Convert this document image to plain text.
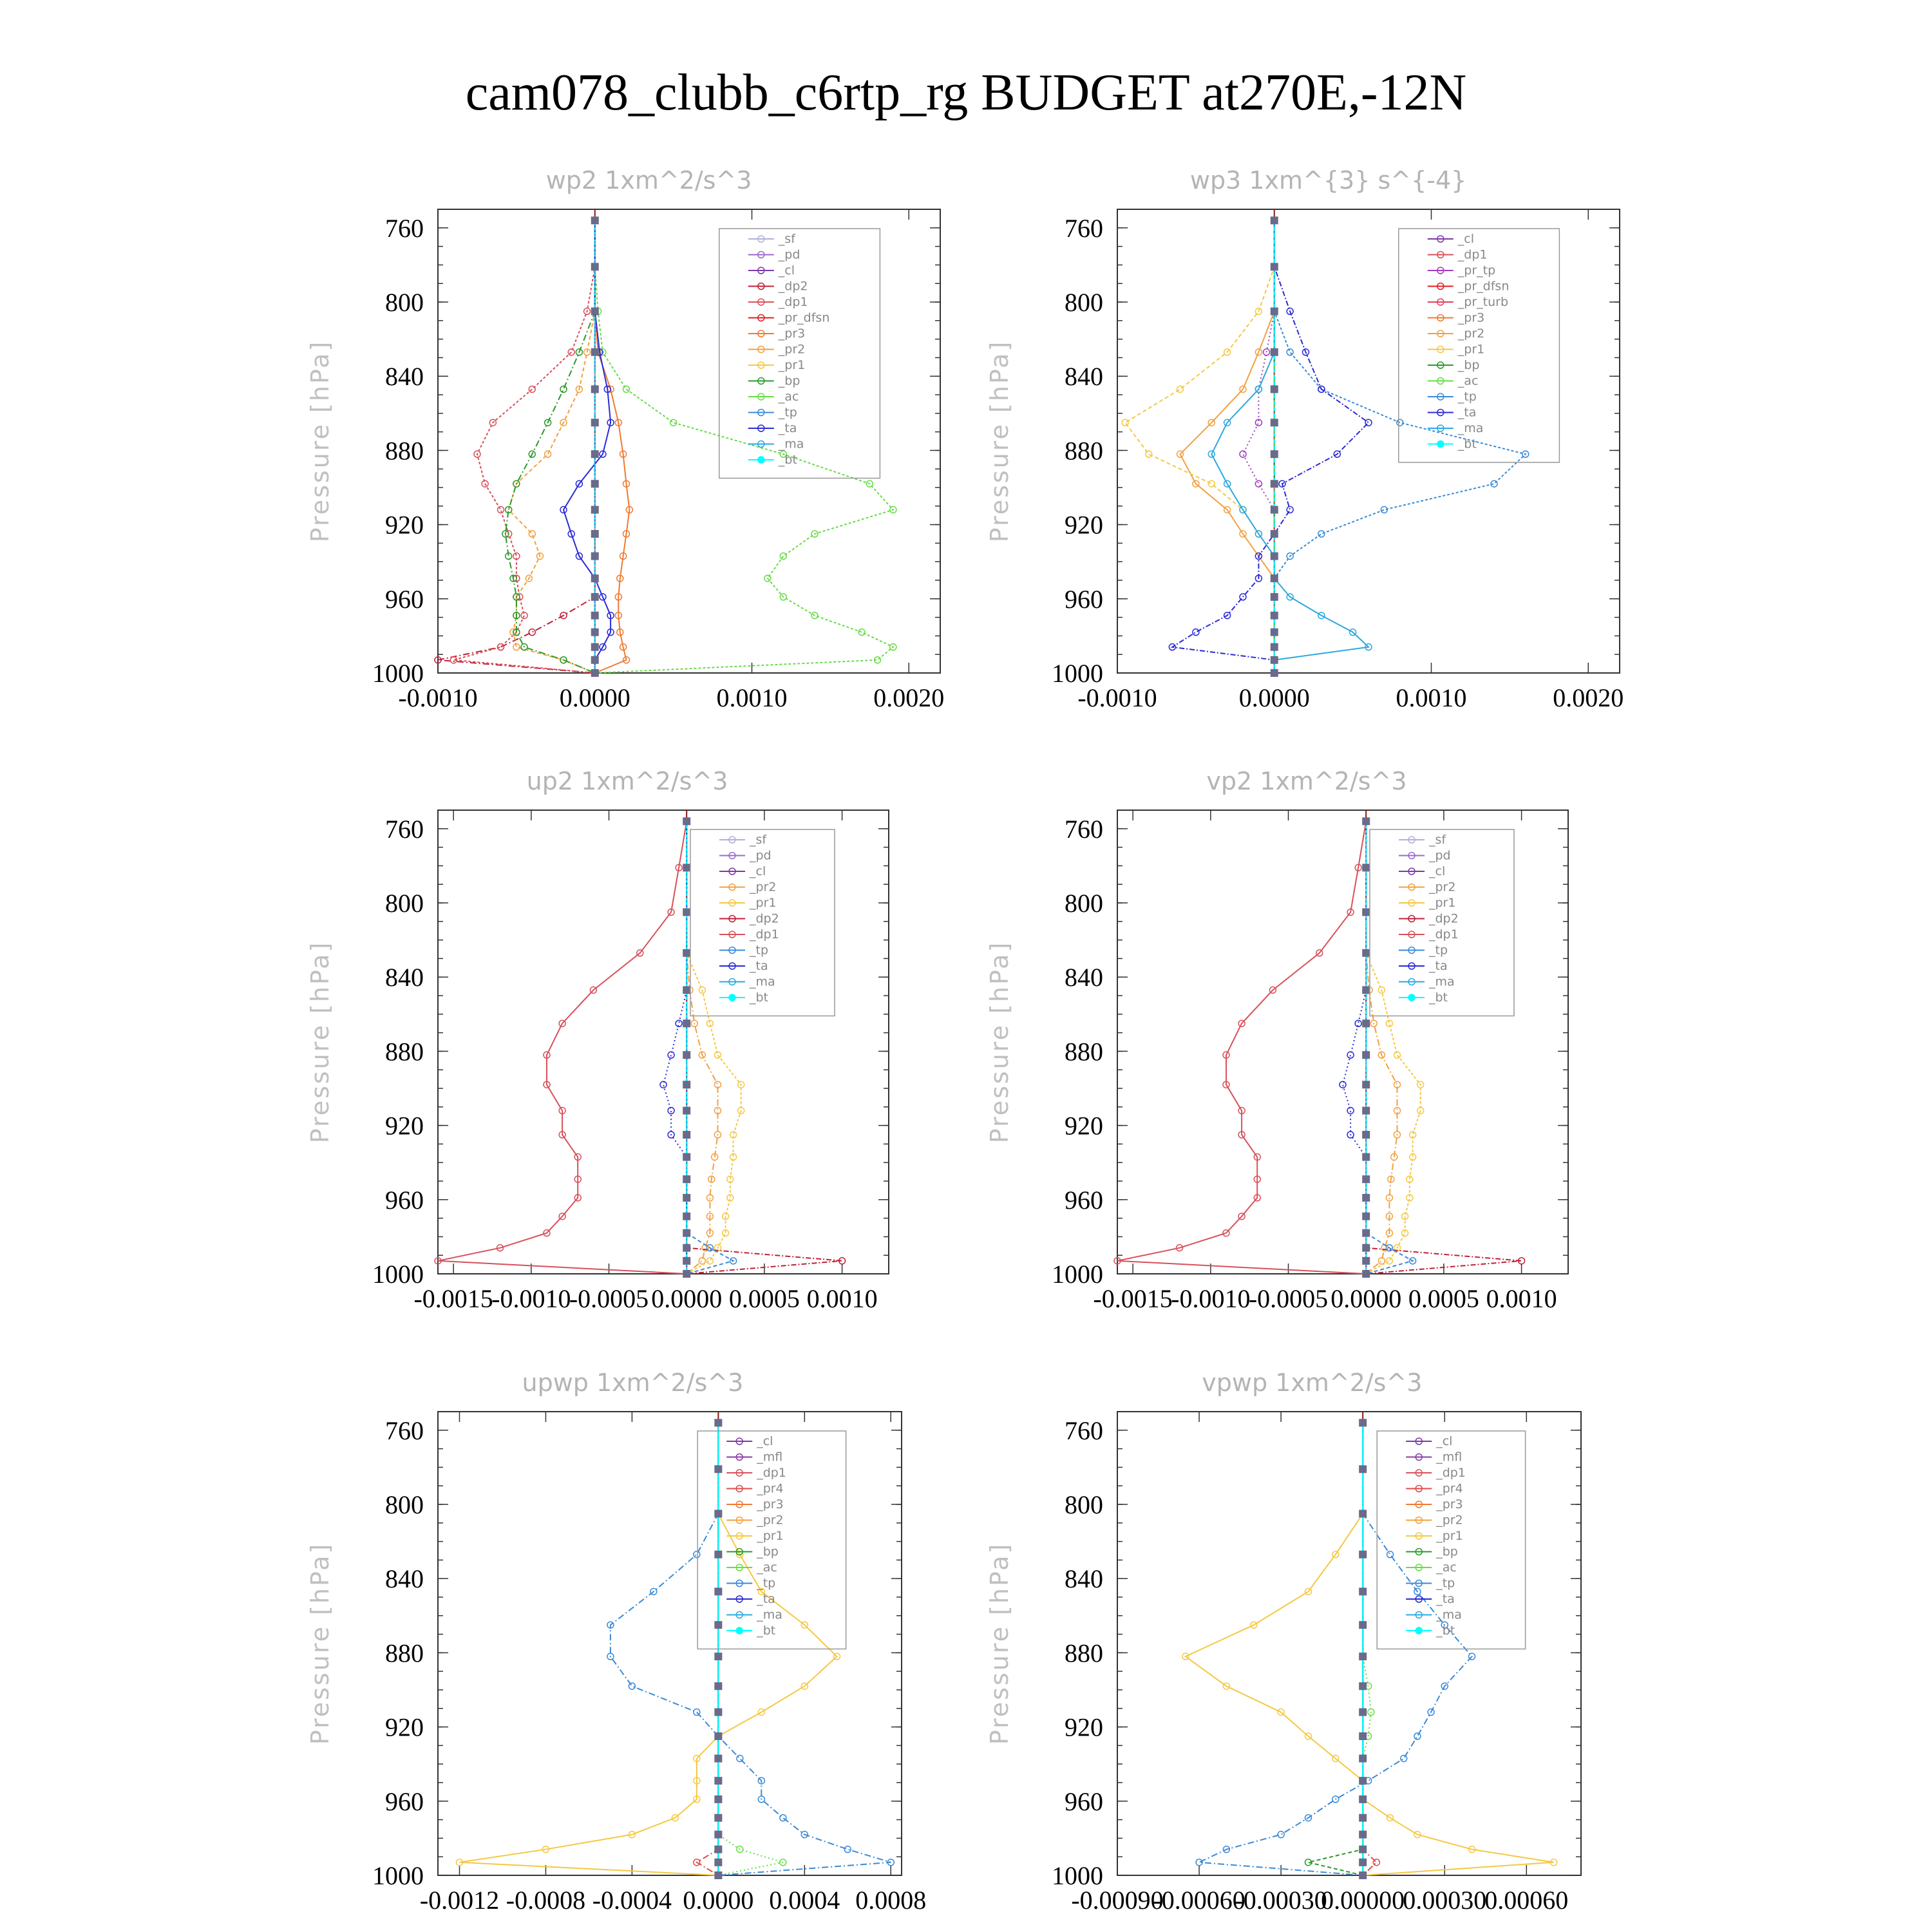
cam078_clubb_c6rtp_rg BUDGET at270E,-12N
wp2 1xm^2/s^3
Pressure [hPa]
760
800
840
880
920
960
1000
-0.0010	0.0000	0.0010	0.0020
_sf
_pd
_cl
_dp2
_dp1
_pr_dfsn
_pr3
_pr2
_pr1
_bp
_ac
_tp
_ta
_ma
_bt
wp3 1xm^{3} s^{-4}
Pressure [hPa]
760
800
840
880
920
960
1000
-0.0010	0.0000	0.0010	0.0020
_cl
_dp1
_pr_tp
_pr_dfsn
_pr_turb
_pr3
_pr2
_pr1
_bp
_ac
_tp
_ta
_ma
_bt
up2 1xm^2/s^3
Pressure [hPa]
760
800
840
880
920
960
1000
-0.0015
-0.0010
-0.0005 0.0000 0.0005 0.0010
_sf
_pd
_cl
_pr2
_pr1
_dp2
_dp1
_tp
_ta
_ma
_bt
vp2 1xm^2/s^3
Pressure [hPa]
760
800
840
880
920
960
1000
-0.0015
-0.0010
-0.0005 0.0000 0.0005 0.0010
_sf
_pd
_cl
_pr2
_pr1
_dp2
_dp1
_tp
_ta
_ma
_bt
upwp 1xm^2/s^3
Pressure [hPa]
760
800
840
880
920
960
1000
-0.0012 -0.0008 -0.0004 0.0000 0.0004 0.0008
_cl
_mfl
_dp1
_pr4
_pr3
_pr2
_pr1
_bp
_ac
_tp
_ta
_ma
_bt
vpwp 1xm^2/s^3
Pressure [hPa]
760
800
840
880
920
960
1000
-0.00090
-0.00060
-0.00030
0.00000
0.00030
0.00060
_cl
_mfl
_dp1
_pr4
_pr3
_pr2
_pr1
_bp
_ac
_tp
_ta
_ma
_bt
